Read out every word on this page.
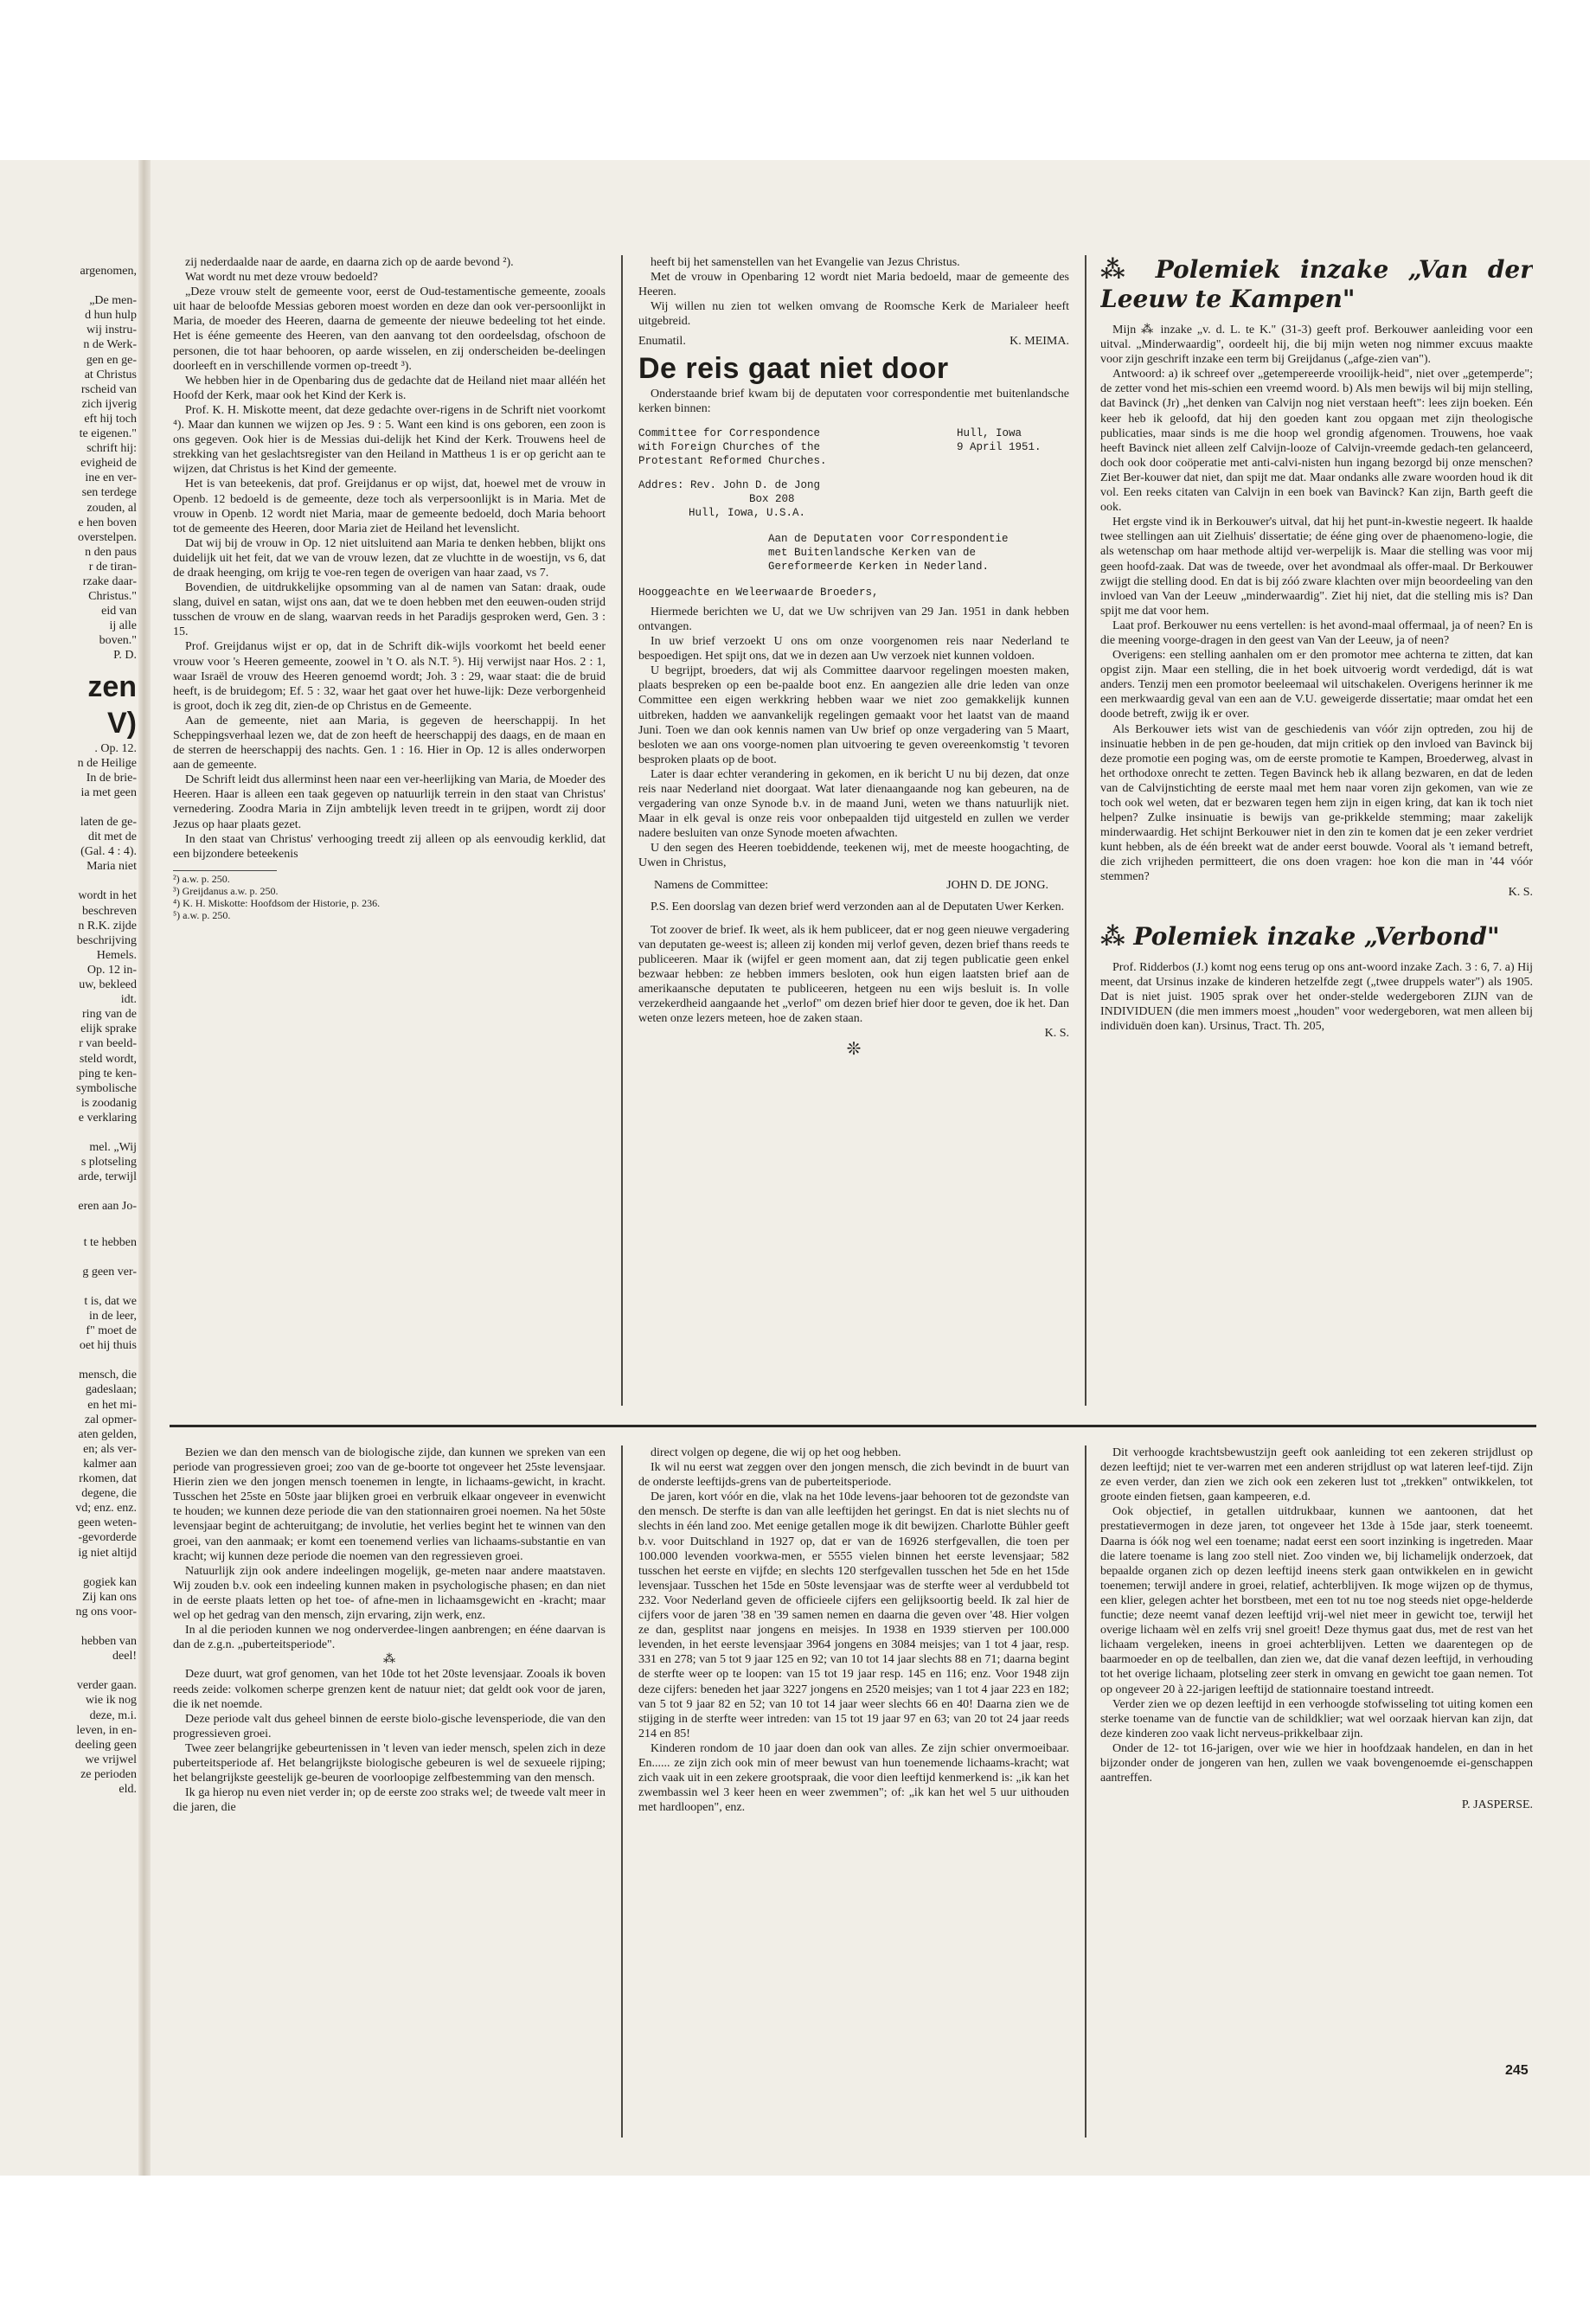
argenomen,

„De men-
d hun hulp
wij instru-
n de Werk-
gen en ge-
at Christus
rscheid van
zich ijverig
eft hij toch
te eigenen."
schrift hij:
evigheid de
ine en ver-
sen terdege
zouden, al
e hen boven
overstelpen.
n den paus
r de tiran-
rzake daar-
Christus."
eid van
ij alle
boven."
P. D.
zen
V)
. Op. 12.
n de Heilige
In de brie-
ia met geen

laten de ge-
dit met de
(Gal. 4 : 4).
Maria niet

wordt in het
beschreven
n R.K. zijde
beschrijving
Hemels.
Op. 12 in-
uw, bekleed
idt.
ring van de
elijk sprake
r van beeld-
steld wordt,
ping te ken-
symbolische
is zoodanig
e verklaring

mel. „Wij
s plotseling
arde, terwijl

eren aan Jo-
t te hebben

g geen ver-

t is, dat we
in de leer,
f" moet de
oet hij thuis

mensch, die
gadeslaan;
en het mi-
zal opmer-
aten gelden,
en; als ver-
kalmer aan
rkomen, dat
degene, die
vd; enz. enz.
geen weten-
-gevorderde
ig niet altijd

gogiek kan
Zij kan ons
ng ons voor-

hebben van
deel!

verder gaan.
wie ik nog
deze, m.i.
leven, in en-
deeling geen
we vrijwel
ze perioden
eld.

zij nederdaalde naar de aarde, en daarna zich op de aarde bevond ²).

Wat wordt nu met deze vrouw bedoeld?

„Deze vrouw stelt de gemeente voor, eerst de Oud-testamentische gemeente, zooals uit haar de beloofde Messias geboren moest worden en deze dan ook ver-persoonlijkt in Maria, de moeder des Heeren, daarna de gemeente der nieuwe bedeeling tot het einde. Het is ééne gemeente des Heeren, van den aanvang tot den oordeelsdag, ofschoon de personen, die tot haar behooren, op aarde wisselen, en zij onderscheiden be-deelingen doorleeft en in verschillende vormen op-treedt ³).

We hebben hier in de Openbaring dus de gedachte dat de Heiland niet maar alléén het Hoofd der Kerk, maar ook het Kind der Kerk is.

Prof. K. H. Miskotte meent, dat deze gedachte over-rigens in de Schrift niet voorkomt ⁴). Maar dan kunnen we wijzen op Jes. 9 : 5. Want een kind is ons geboren, een zoon is ons gegeven. Ook hier is de Messias dui-delijk het Kind der Kerk. Trouwens heel de strekking van het geslachtsregister van den Heiland in Mattheus 1 is er op gericht aan te wijzen, dat Christus is het Kind der gemeente.

Het is van beteekenis, dat prof. Greijdanus er op wijst, dat, hoewel met de vrouw in Openb. 12 bedoeld is de gemeente, deze toch als verpersoonlijkt is in Maria. Met de vrouw in Openb. 12 wordt niet Maria, maar de gemeente bedoeld, doch Maria behoort tot de gemeente des Heeren, door Maria ziet de Heiland het levenslicht.

Dat wij bij de vrouw in Op. 12 niet uitsluitend aan Maria te denken hebben, blijkt ons duidelijk uit het feit, dat we van de vrouw lezen, dat ze vluchtte in de woestijn, vs 6, dat de draak heenging, om krijg te voe-ren tegen de overigen van haar zaad, vs 7.

Bovendien, de uitdrukkelijke opsomming van al de namen van Satan: draak, oude slang, duivel en satan, wijst ons aan, dat we te doen hebben met den eeuwen-ouden strijd tusschen de vrouw en de slang, waarvan reeds in het Paradijs gesproken werd, Gen. 3 : 15.

Prof. Greijdanus wijst er op, dat in de Schrift dik-wijls voorkomt het beeld eener vrouw voor 's Heeren gemeente, zoowel in 't O. als N.T. ⁵). Hij verwijst naar Hos. 2 : 1, waar Israël de vrouw des Heeren genoemd wordt; Joh. 3 : 29, waar staat: die de bruid heeft, is de bruidegom; Ef. 5 : 32, waar het gaat over het huwe-lijk: Deze verborgenheid is groot, doch ik zeg dit, zien-de op Christus en de Gemeente.

Aan de gemeente, niet aan Maria, is gegeven de heerschappij. In het Scheppingsverhaal lezen we, dat de zon heeft de heerschappij des daags, en de maan en de sterren de heerschappij des nachts. Gen. 1 : 16. Hier in Op. 12 is alles onderworpen aan de gemeente.

De Schrift leidt dus allerminst heen naar een ver-heerlijking van Maria, de Moeder des Heeren. Haar is alleen een taak gegeven op natuurlijk terrein in den staat van Christus' vernedering. Zoodra Maria in Zijn ambtelijk leven treedt in te grijpen, wordt zij door Jezus op haar plaats gezet.

In den staat van Christus' verhooging treedt zij alleen op als eenvoudig kerklid, dat een bijzondere beteekenis

²) a.w. p. 250.
³) Greijdanus a.w. p. 250.
⁴) K. H. Miskotte: Hoofdsom der Historie, p. 236.
⁵) a.w. p. 250.

heeft bij het samenstellen van het Evangelie van Jezus Christus.

Met de vrouw in Openbaring 12 wordt niet Maria bedoeld, maar de gemeente des Heeren.

Wij willen nu zien tot welken omvang de Roomsche Kerk de Marialeer heeft uitgebreid.

Enumatil.	K. MEIMA.
De reis gaat niet door

Onderstaande brief kwam bij de deputaten voor correspondentie met buitenlandsche kerken binnen:

Committee for Correspondence	Hull, Iowa
with Foreign Churches of the	9 April 1951.
Protestant Reformed Churches.
Addres: Rev. John D. de Jong
Box 208
Hull, Iowa, U.S.A.
Aan de Deputaten voor Correspondentie
met Buitenlandsche Kerken van de
Gereformeerde Kerken in Nederland.
Hooggeachte en Weleerwaarde Broeders,

Hiermede berichten we U, dat we Uw schrijven van 29 Jan. 1951 in dank hebben ontvangen.

In uw brief verzoekt U ons om onze voorgenomen reis naar Nederland te bespoedigen. Het spijt ons, dat we in dezen aan Uw verzoek niet kunnen voldoen.

U begrijpt, broeders, dat wij als Committee daarvoor regelingen moesten maken, plaats bespreken op een be-paalde boot enz. En aangezien alle drie leden van onze Committee een eigen werkkring hebben waar we niet zoo gemakkelijk kunnen uitbreken, hadden we aanvankelijk regelingen gemaakt voor het laatst van de maand Juni. Toen we dan ook kennis namen van Uw brief op onze vergadering van 5 Maart, besloten we aan ons voorge-nomen plan uitvoering te geven overeenkomstig 't tevoren besproken plaats op de boot.

Later is daar echter verandering in gekomen, en ik bericht U nu bij dezen, dat onze reis naar Nederland niet doorgaat. Wat later dienaangaande nog kan gebeuren, na de vergadering van onze Synode b.v. in de maand Juni, weten we thans natuurlijk niet. Maar in elk geval is onze reis voor onbepaalden tijd uitgesteld en zullen we verder nadere besluiten van onze Synode moeten afwachten.

U den segen des Heeren toebiddende, teekenen wij, met de meeste hoogachting, de Uwen in Christus,

Namens de Committee:	JOHN D. DE JONG.

P.S. Een doorslag van dezen brief werd verzonden aan al de Deputaten Uwer Kerken.

Tot zoover de brief. Ik weet, als ik hem publiceer, dat er nog geen nieuwe vergadering van deputaten ge-weest is; alleen zij konden mij verlof geven, dezen brief thans reeds te publiceeren. Maar ik (wijfel er geen moment aan, dat zij tegen publicatie geen enkel bezwaar hebben: ze hebben immers besloten, ook hun eigen laatsten brief aan de amerikaansche deputaten te publiceeren, hetgeen nu een wijs besluit is. In volle verzekerdheid aangaande het „verlof" om dezen brief hier door te geven, doe ik het. Dan weten onze lezers meteen, hoe de zaken staan.

K. S.
❊
⁂ Polemiek inzake „Van der Leeuw te Kampen"

Mijn ⁂ inzake „v. d. L. te K." (31-3) geeft prof. Berkouwer aanleiding voor een uitval. „Minderwaardig", oordeelt hij, die bij mijn weten nog nimmer excuus maakte voor zijn geschrift inzake een term bij Greijdanus („afge-zien van").

Antwoord: a) ik schreef over „getempereerde vrooilijk-heid", niet over „getemperde"; de zetter vond het mis-schien een vreemd woord. b) Als men bewijs wil bij mijn stelling, dat Bavinck (Jr) „het denken van Calvijn nog niet verstaan heeft": lees zijn boeken. Eén keer heb ik geloofd, dat hij den goeden kant zou opgaan met zijn theologische publicaties, maar sinds is me die hoop wel grondig afgenomen. Trouwens, hoe vaak heeft Bavinck niet alleen zelf Calvijn-looze of Calvijn-vreemde gedach-ten gelanceerd, doch ook door coöperatie met anti-calvi-nisten hun ingang bezorgd bij onze menschen? Ziet Ber-kouwer dat niet, dan spijt me dat. Maar ondanks alle zware woorden houd ik dit vol. Een reeks citaten van Calvijn in een boek van Bavinck? Kan zijn, Barth geeft die ook.

Het ergste vind ik in Berkouwer's uitval, dat hij het punt-in-kwestie negeert. Ik haalde twee stellingen aan uit Zielhuis' dissertatie; de ééne ging over de phaenomeno-logie, die als wetenschap om haar methode altijd ver-werpelijk is. Maar die stelling was voor mij geen hoofd-zaak. Dat was de tweede, over het avondmaal als offer-maal. Dr Berkouwer zwijgt die stelling dood. En dat is bij zóó zware klachten over mijn beoordeeling van den invloed van Van der Leeuw „minderwaardig". Ziet hij niet, dat die stelling mis is? Dan spijt me dat voor hem.

Laat prof. Berkouwer nu eens vertellen: is het avond-maal offermaal, ja of neen? En is die meening voorge-dragen in den geest van Van der Leeuw, ja of neen?

Overigens: een stelling aanhalen om er den promotor mee achterna te zitten, dat kan opgist zijn. Maar een stelling, die in het boek uitvoerig wordt verdedigd, dát is wat anders. Tenzij men een promotor beeleemaal wil uitschakelen. Overigens herinner ik me een merkwaardig geval van een aan de V.U. geweigerde dissertatie; maar omdat het een doode betreft, zwijg ik er over.

Als Berkouwer iets wist van de geschiedenis van vóór zijn optreden, zou hij de insinuatie hebben in de pen ge-houden, dat mijn critiek op den invloed van Bavinck bij deze promotie een poging was, om de eerste promotie te Kampen, Broederweg, alvast in het orthodoxe onrecht te zetten. Tegen Bavinck heb ik allang bezwaren, en dat de leden van de Calvijnstichting de eerste maal met hem naar voren zijn gekomen, van wie ze toch ook wel weten, dat er bezwaren tegen hem zijn in eigen kring, dat kan ik toch niet helpen? Zulke insinuatie is bewijs van ge-prikkelde stemming; maar zakelijk minderwaardig. Het schijnt Berkouwer niet in den zin te komen dat je een zeker verdriet kunt hebben, als de één breekt wat de ander eerst bouwde. Vooral als 't iemand betreft, die zich vrijheden permitteert, die ons doen vragen: hoe kon die man in '44 vóór stemmen?

K. S.
⁂ Polemiek inzake „Verbond"

Prof. Ridderbos (J.) komt nog eens terug op ons ant-woord inzake Zach. 3 : 6, 7. a) Hij meent, dat Ursinus inzake de kinderen hetzelfde zegt („twee druppels water") als 1905. Dat is niet juist. 1905 sprak over het onder-stelde wedergeboren ZIJN van de INDIVIDUEN (die men immers moest „houden" voor wedergeboren, wat men alleen bij individuën doen kan). Ursinus, Tract. Th. 205,

Bezien we dan den mensch van de biologische zijde, dan kunnen we spreken van een periode van progressieven groei; zoo van de ge-boorte tot ongeveer het 25ste levensjaar. Hierin zien we den jongen mensch toenemen in lengte, in lichaams-gewicht, in kracht. Tusschen het 25ste en 50ste jaar blijken groei en verbruik elkaar ongeveer in evenwicht te houden; we kunnen deze periode die van den stationnairen groei noemen. Na het 50ste levensjaar begint de achteruitgang; de involutie, het verlies begint het te winnen van den groei, van den aanmaak; er komt een toenemend verlies van lichaams-substantie en van kracht; wij kunnen deze periode die noemen van den regressieven groei.

Natuurlijk zijn ook andere indeelingen mogelijk, ge-meten naar andere maatstaven. Wij zouden b.v. ook een indeeling kunnen maken in psychologische phasen; en dan niet in de eerste plaats letten op het toe- of afne-men in lichaamsgewicht en -kracht; maar wel op het gedrag van den mensch, zijn ervaring, zijn werk, enz.

In al die perioden kunnen we nog onderverdee-lingen aanbrengen; en ééne daarvan is dan de z.g.n. „puberteitsperiode".

⁂

Deze duurt, wat grof genomen, van het 10de tot het 20ste levensjaar. Zooals ik boven reeds zeide: volkomen scherpe grenzen kent de natuur niet; dat geldt ook voor de jaren, die ik net noemde.

Deze periode valt dus geheel binnen de eerste biolo-gische levensperiode, die van den progressieven groei.

Twee zeer belangrijke gebeurtenissen in 't leven van ieder mensch, spelen zich in deze puberteitsperiode af. Het belangrijkste biologische gebeuren is wel de sexueele rijping; het belangrijkste geestelijk ge-beuren de voorloopige zelfbestemming van den mensch.

Ik ga hierop nu even niet verder in; op de eerste zoo straks wel; de tweede valt meer in die jaren, die

direct volgen op degene, die wij op het oog hebben.

Ik wil nu eerst wat zeggen over den jongen mensch, die zich bevindt in de buurt van de onderste leeftijds-grens van de puberteitsperiode.

De jaren, kort vóór en die, vlak na het 10de levens-jaar behooren tot de gezondste van den mensch. De sterfte is dan van alle leeftijden het geringst. En dat is niet slechts nu of slechts in één land zoo. Met eenige getallen moge ik dit bewijzen. Charlotte Bühler geeft b.v. voor Duitschland in 1927 op, dat er van de 16926 sterfgevallen, die toen per 100.000 levenden voorkwa-men, er 5555 vielen binnen het eerste levensjaar; 582 tusschen het eerste en vijfde; en slechts 120 sterfgevallen tusschen het 5de en het 15de levensjaar. Tusschen het 15de en 50ste levensjaar was de sterfte weer al verdubbeld tot 232. Voor Nederland geven de officieele cijfers een gelijksoortig beeld. Ik zal hier de cijfers voor de jaren '38 en '39 samen nemen en daarna die geven over '48. Hier volgen ze dan, gesplitst naar jongens en meisjes. In 1938 en 1939 stierven per 100.000 levenden, in het eerste levensjaar 3964 jongens en 3084 meisjes; van 1 tot 4 jaar, resp. 331 en 278; van 5 tot 9 jaar 125 en 92; van 10 tot 14 jaar slechts 88 en 71; daarna begint de sterfte weer op te loopen: van 15 tot 19 jaar resp. 145 en 116; enz. Voor 1948 zijn deze cijfers: beneden het jaar 3227 jongens en 2520 meisjes; van 1 tot 4 jaar 223 en 182; van 5 tot 9 jaar 82 en 52; van 10 tot 14 jaar weer slechts 66 en 40! Daarna zien we de stijging in de sterfte weer intreden: van 15 tot 19 jaar 97 en 63; van 20 tot 24 jaar reeds 214 en 85!

Kinderen rondom de 10 jaar doen dan ook van alles. Ze zijn schier onvermoeibaar. En...... ze zijn zich ook min of meer bewust van hun toenemende lichaams-kracht; wat zich vaak uit in een zekere grootspraak, die voor dien leeftijd kenmerkend is: „ik kan het zwembassin wel 3 keer heen en weer zwemmen"; of: „ik kan het wel 5 uur uithouden met hardloopen", enz.

Dit verhoogde krachtsbewustzijn geeft ook aanleiding tot een zekeren strijdlust op dezen leeftijd; niet te ver-warren met een anderen strijdlust op wat lateren leef-tijd. Zijn ze even verder, dan zien we zich ook een zekeren lust tot „trekken" ontwikkelen, tot groote einden fietsen, gaan kampeeren, e.d.

Ook objectief, in getallen uitdrukbaar, kunnen we aantoonen, dat het prestatievermogen in deze jaren, tot ongeveer het 13de à 15de jaar, sterk toeneemt. Daarna is óók nog wel een toename; nadat eerst een soort inzinking is ingetreden. Maar die latere toename is lang zoo stell niet. Zoo vinden we, bij lichamelijk onderzoek, dat bepaalde organen zich op dezen leeftijd ineens sterk gaan ontwikkelen en in gewicht toenemen; terwijl andere in groei, relatief, achterblijven. Ik moge wijzen op de thymus, een klier, gelegen achter het borstbeen, met een tot nu toe nog steeds niet opge-helderde functie; deze neemt vanaf dezen leeftijd vrij-wel niet meer in gewicht toe, terwijl het overige lichaam wèl en zelfs vrij snel groeit! Deze thymus gaat dus, met de rest van het lichaam vergeleken, ineens in groei achterblijven. Letten we daarentegen op de baarmoeder en op de teelballen, dan zien we, dat die vanaf dezen leeftijd, in verhouding tot het overige lichaam, plotseling zeer sterk in omvang en gewicht toe gaan nemen. Tot op ongeveer 20 à 22-jarigen leeftijd de stationnaire toestand intreedt.

Verder zien we op dezen leeftijd in een verhoogde stofwisseling tot uiting komen een sterke toename van de functie van de schildklier; wat wel oorzaak hiervan kan zijn, dat deze kinderen zoo vaak licht nerveus-prikkelbaar zijn.

Onder de 12- tot 16-jarigen, over wie we hier in hoofdzaak handelen, en dan in het bijzonder onder de jongeren van hen, zullen we vaak bovengenoemde ei-genschappen aantreffen.

P. JASPERSE.
245
